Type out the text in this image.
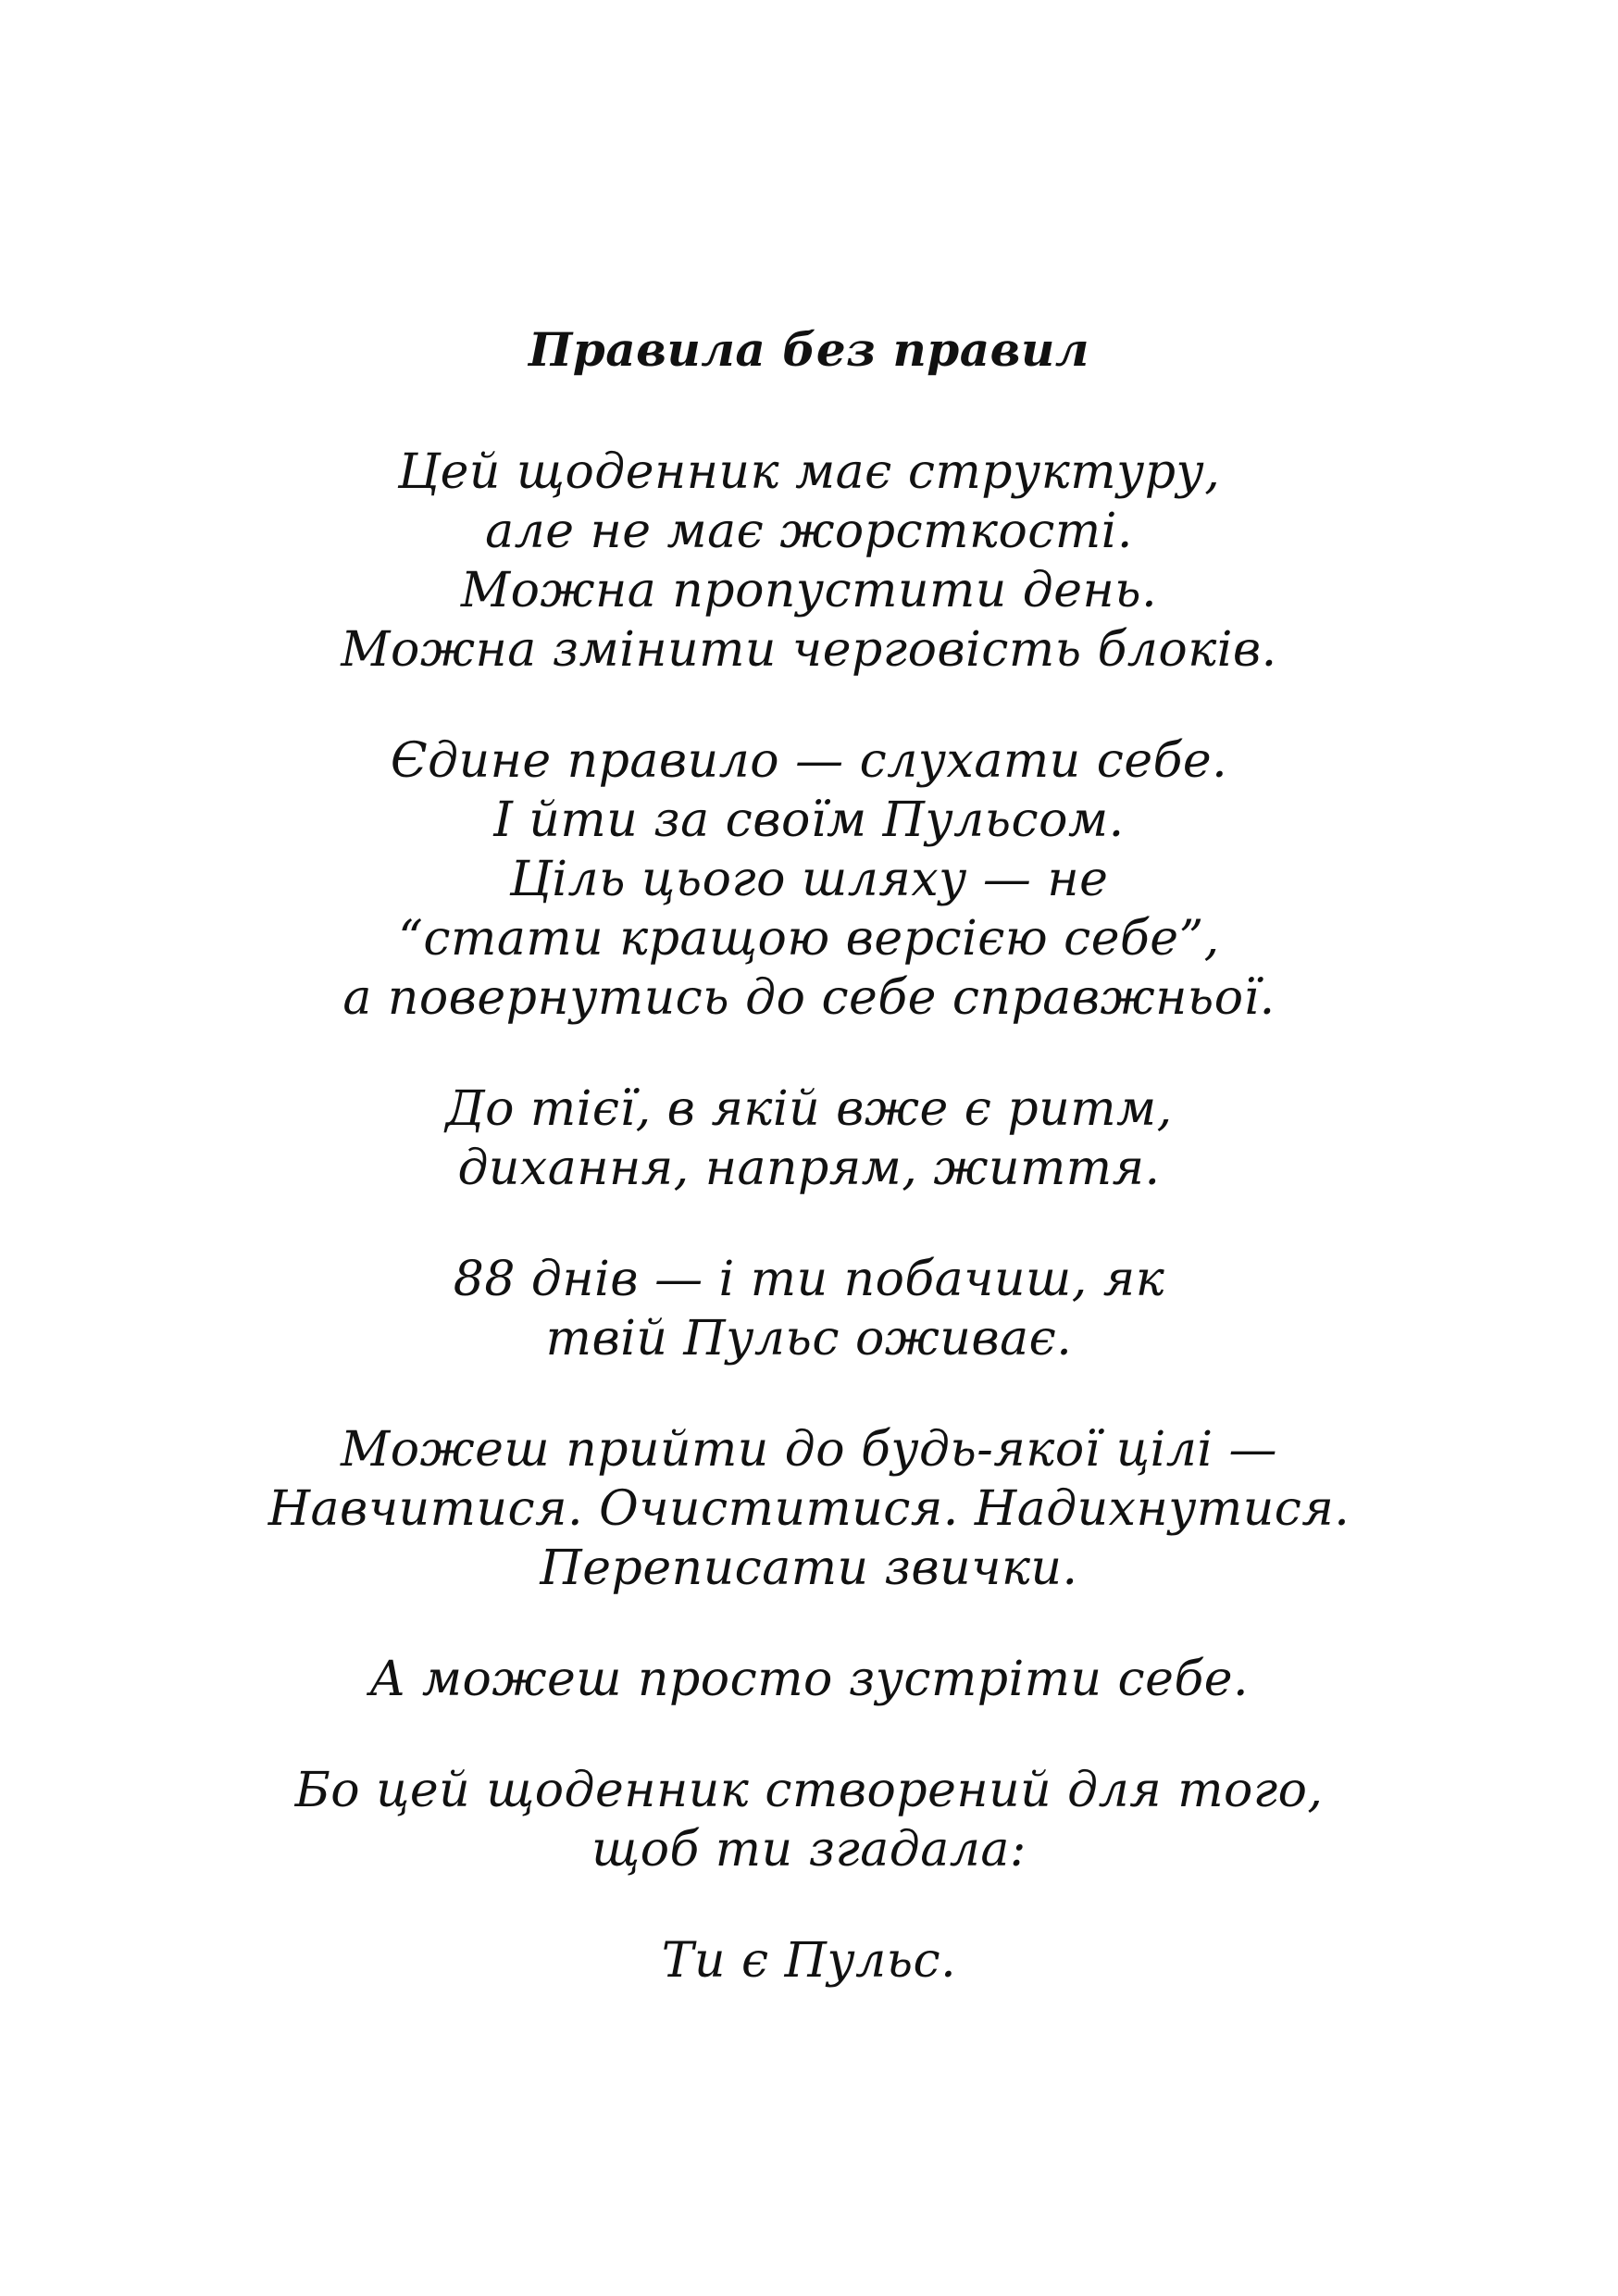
Правила без правил
Цей щоденник має структуру,
але не має жорсткості.
Можна пропустити день.
Можна змінити черговість блоків.
Єдине правило — слухати себе.
І йти за своїм Пульсом.
Ціль цього шляху — не
“стати кращою версією себе”,
а повернутись до себе справжньої.
До тієї, в якій вже є ритм,
дихання, напрям, життя.
88 днів — і ти побачиш, як
твій Пульс оживає.
Можеш прийти до будь-якої цілі —
Навчитися. Очиститися. Надихнутися.
Переписати звички.
А можеш просто зустріти себе.
Бо цей щоденник створений для того,
щоб ти згадала:
Ти є Пульс.
